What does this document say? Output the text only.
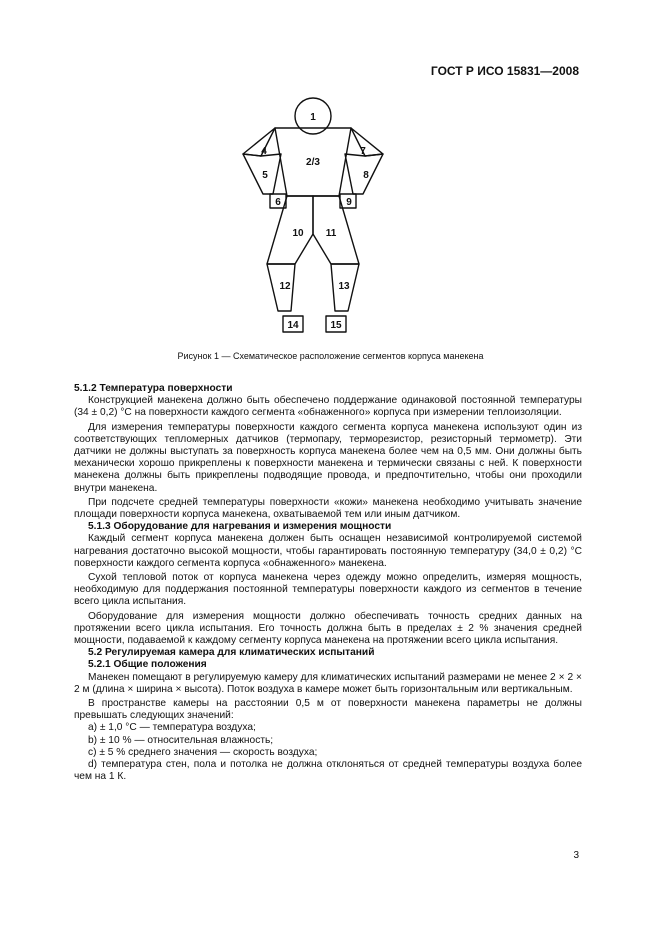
ГОСТ Р ИСО 15831—2008
1
2/3
4
5
6
7
8
9
10 11
12	13
14	15
Рисунок 1 — Схематическое расположение сегментов корпуса манекена
5.1.2 Температура поверхности

Конструкцией манекена должно быть обеспечено поддержание одинаковой постоянной температуры (34 ± 0,2) °С на поверхности каждого сегмента «обнаженного» корпуса при измерении теплоизоляции.

Для измерения температуры поверхности каждого сегмента корпуса манекена используют один из соответствующих тепломерных датчиков (термопару, терморезистор, резисторный термометр). Эти датчики не должны выступать за поверхность корпуса манекена более чем на 0,5 мм. Они должны быть механически хорошо прикреплены к поверхности манекена и термически связаны с ней. К поверхности манекена должны быть прикреплены подводящие провода, и предпочтительно, чтобы они проходили внутри манекена.

При подсчете средней температуры поверхности «кожи» манекена необходимо учитывать значение площади поверхности корпуса манекена, охватываемой тем или иным датчиком.

5.1.3 Оборудование для нагревания и измерения мощности

Каждый сегмент корпуса манекена должен быть оснащен независимой контролируемой системой нагревания достаточно высокой мощности, чтобы гарантировать постоянную температуру (34,0 ± 0,2) °С поверхности каждого сегмента корпуса «обнаженного» манекена.

Сухой тепловой поток от корпуса манекена через одежду можно определить, измеряя мощность, необходимую для поддержания постоянной температуры поверхности каждого из сегментов в течение всего цикла испытания.

Оборудование для измерения мощности должно обеспечивать точность средних данных на протяжении всего цикла испытания. Его точность должна быть в пределах ± 2 % значения средней мощности, подаваемой к каждому сегменту корпуса манекена на протяжении всего цикла испытания.

5.2 Регулируемая камера для климатических испытаний
5.2.1 Общие положения

Манекен помещают в регулируемую камеру для климатических испытаний размерами не менее 2 × 2 × 2 м (длина × ширина × высота). Поток воздуха в камере может быть горизонтальным или вертикальным.

В пространстве камеры на расстоянии 0,5 м от поверхности манекена параметры не должны превышать следующих значений:

a) ± 1,0 °С — температура воздуха;

b) ± 10 % — относительная влажность;

c) ± 5 % среднего значения — скорость воздуха;

d) температура стен, пола и потолка не должна отклоняться от средней температуры воздуха более чем на 1 К.

3
